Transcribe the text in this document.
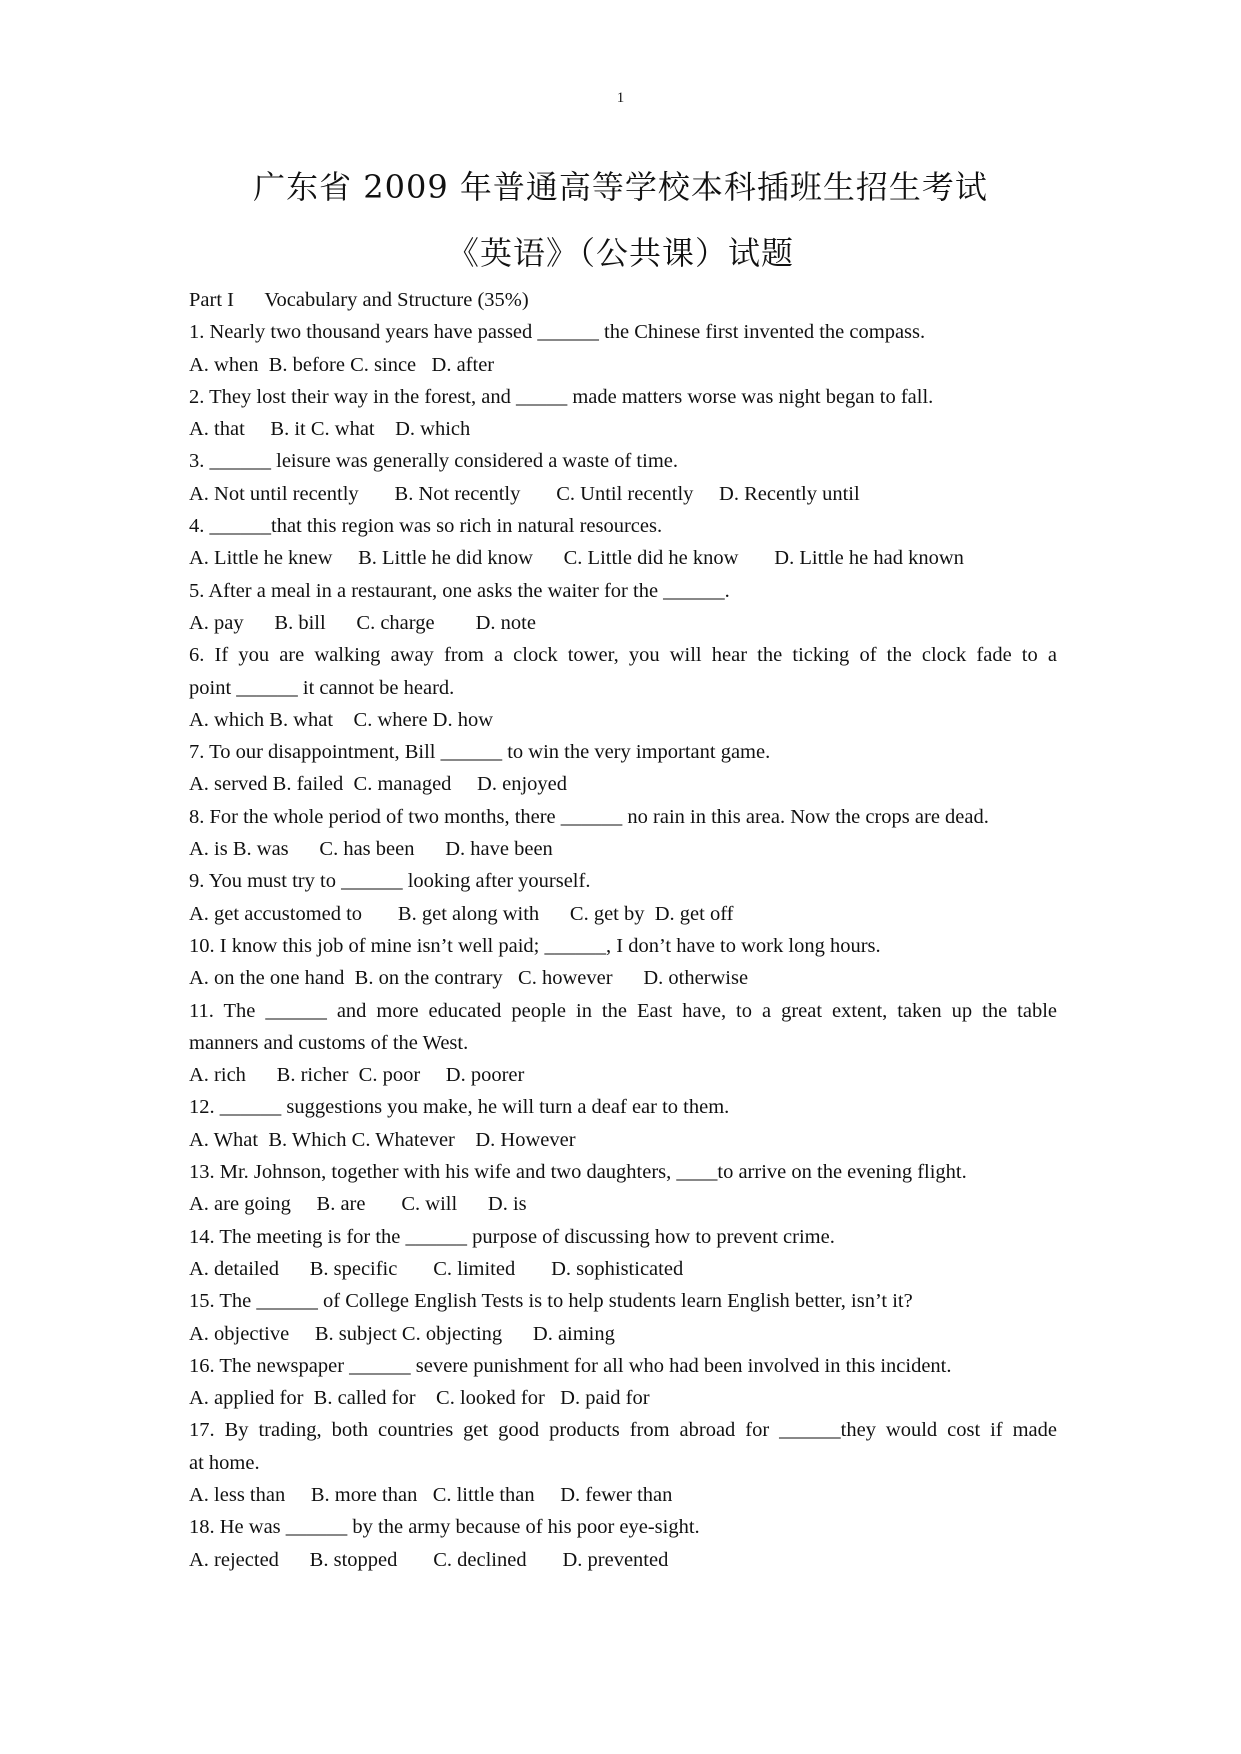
1
广东省 2009 年普通高等学校本科插班生招生考试
《英语》（公共课）试题
Part I      Vocabulary and Structure (35%)
1. Nearly two thousand years have passed ______ the Chinese first invented the compass.
A. when  B. before C. since   D. after
2. They lost their way in the forest, and _____ made matters worse was night began to fall.
A. that     B. it C. what    D. which
3. ______ leisure was generally considered a waste of time.
A. Not until recently       B. Not recently       C. Until recently     D. Recently until
4. ______that this region was so rich in natural resources.
A. Little he knew     B. Little he did know      C. Little did he know       D. Little he had known
5. After a meal in a restaurant, one asks the waiter for the ______.
A. pay      B. bill      C. charge        D. note
6. If you are walking away from a clock tower, you will hear the ticking of the clock fade to a
point ______ it cannot be heard.
A. which B. what    C. where D. how
7. To our disappointment, Bill ______ to win the very important game.
A. served B. failed  C. managed     D. enjoyed
8. For the whole period of two months, there ______ no rain in this area. Now the crops are dead.
A. is B. was      C. has been      D. have been
9. You must try to ______ looking after yourself.
A. get accustomed to       B. get along with      C. get by  D. get off
10. I know this job of mine isn’t well paid; ______, I don’t have to work long hours.
A. on the one hand  B. on the contrary   C. however      D. otherwise
11. The ______ and more educated people in the East have, to a great extent, taken up the table
manners and customs of the West.
A. rich      B. richer  C. poor     D. poorer
12. ______ suggestions you make, he will turn a deaf ear to them.
A. What  B. Which C. Whatever    D. However
13. Mr. Johnson, together with his wife and two daughters, ____to arrive on the evening flight.
A. are going     B. are       C. will      D. is
14. The meeting is for the ______ purpose of discussing how to prevent crime.
A. detailed      B. specific       C. limited       D. sophisticated
15. The ______ of College English Tests is to help students learn English better, isn’t it?
A. objective     B. subject C. objecting      D. aiming
16. The newspaper ______ severe punishment for all who had been involved in this incident.
A. applied for  B. called for    C. looked for   D. paid for
17. By trading, both countries get good products from abroad for ______they would cost if made
at home.
A. less than     B. more than   C. little than     D. fewer than
18. He was ______ by the army because of his poor eye-sight.
A. rejected      B. stopped       C. declined       D. prevented
